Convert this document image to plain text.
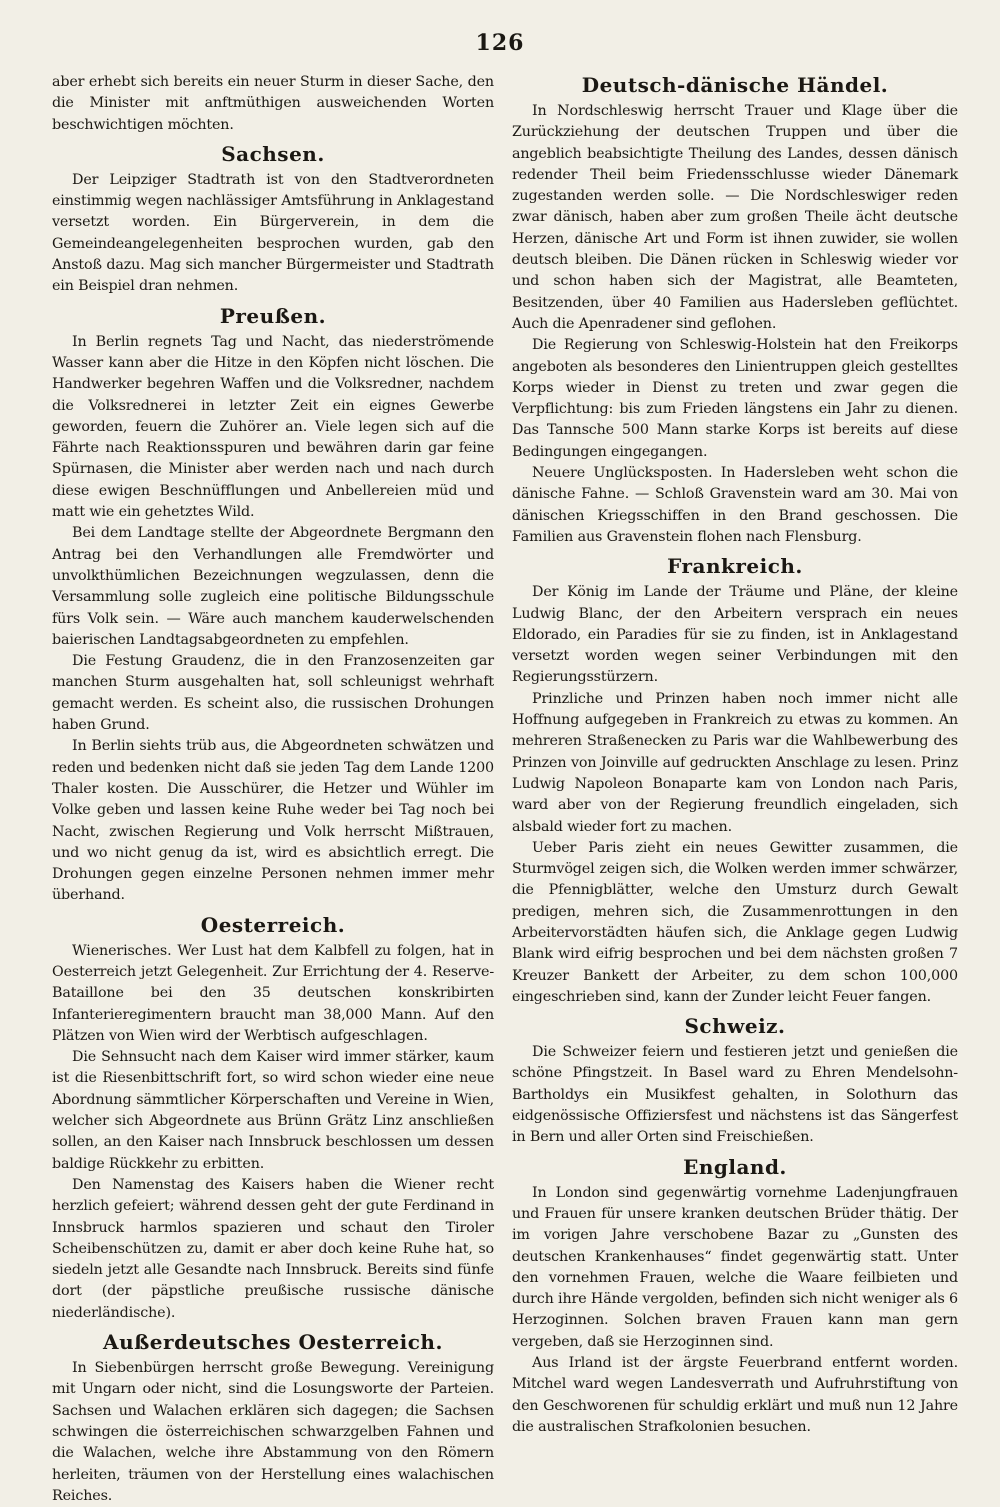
126

aber erhebt sich bereits ein neuer Sturm in dieser Sache, den die Minister mit anftmüthigen ausweichenden Worten beschwichtigen möchten.

Sachsen.

Der Leipziger Stadtrath ist von den Stadtverordneten einstimmig wegen nachlässiger Amtsführung in Anklagestand versetzt worden. Ein Bürgerverein, in dem die Gemeindeangelegenheiten besprochen wurden, gab den Anstoß dazu. Mag sich mancher Bürgermeister und Stadtrath ein Beispiel dran nehmen.

Preußen.

In Berlin regnets Tag und Nacht, das niederströmende Wasser kann aber die Hitze in den Köpfen nicht löschen. Die Handwerker begehren Waffen und die Volksredner, nachdem die Volksrednerei in letzter Zeit ein eignes Gewerbe geworden, feuern die Zuhörer an. Viele legen sich auf die Fährte nach Reaktionsspuren und bewähren darin gar feine Spürnasen, die Minister aber werden nach und nach durch diese ewigen Beschnüfflungen und Anbellereien müd und matt wie ein gehetztes Wild.

Bei dem Landtage stellte der Abgeordnete Bergmann den Antrag bei den Verhandlungen alle Fremdwörter und unvolkthümlichen Bezeichnungen wegzulassen, denn die Versammlung solle zugleich eine politische Bildungsschule fürs Volk sein. — Wäre auch manchem kauderwelschenden baierischen Landtagsabgeordneten zu empfehlen.

Die Festung Graudenz, die in den Franzosenzeiten gar manchen Sturm ausgehalten hat, soll schleunigst wehrhaft gemacht werden. Es scheint also, die russischen Drohungen haben Grund.

In Berlin siehts trüb aus, die Abgeordneten schwätzen und reden und bedenken nicht daß sie jeden Tag dem Lande 1200 Thaler kosten. Die Ausschürer, die Hetzer und Wühler im Volke geben und lassen keine Ruhe weder bei Tag noch bei Nacht, zwischen Regierung und Volk herrscht Mißtrauen, und wo nicht genug da ist, wird es absichtlich erregt. Die Drohungen gegen einzelne Personen nehmen immer mehr überhand.

Oesterreich.

Wienerisches. Wer Lust hat dem Kalbfell zu folgen, hat in Oesterreich jetzt Gelegenheit. Zur Errichtung der 4. Reserve-Bataillone bei den 35 deutschen konskribirten Infanterieregimentern braucht man 38,000 Mann. Auf den Plätzen von Wien wird der Werbtisch aufgeschlagen.

Die Sehnsucht nach dem Kaiser wird immer stärker, kaum ist die Riesenbittschrift fort, so wird schon wieder eine neue Abordnung sämmtlicher Körperschaften und Vereine in Wien, welcher sich Abgeordnete aus Brünn Grätz Linz anschließen sollen, an den Kaiser nach Innsbruck beschlossen um dessen baldige Rückkehr zu erbitten.

Den Namenstag des Kaisers haben die Wiener recht herzlich gefeiert; während dessen geht der gute Ferdinand in Innsbruck harmlos spazieren und schaut den Tiroler Scheibenschützen zu, damit er aber doch keine Ruhe hat, so siedeln jetzt alle Gesandte nach Innsbruck. Bereits sind fünfe dort (der päpstliche preußische russische dänische niederländische).

Außerdeutsches Oesterreich.

In Siebenbürgen herrscht große Bewegung. Vereinigung mit Ungarn oder nicht, sind die Losungsworte der Parteien. Sachsen und Walachen erklären sich dagegen; die Sachsen schwingen die österreichischen schwarzgelben Fahnen und die Walachen, welche ihre Abstammung von den Römern herleiten, träumen von der Herstellung eines walachischen Reiches.

Deutsch-dänische Händel.

In Nordschleswig herrscht Trauer und Klage über die Zurückziehung der deutschen Truppen und über die angeblich beabsichtigte Theilung des Landes, dessen dänisch redender Theil beim Friedensschlusse wieder Dänemark zugestanden werden solle. — Die Nordschleswiger reden zwar dänisch, haben aber zum großen Theile ächt deutsche Herzen, dänische Art und Form ist ihnen zuwider, sie wollen deutsch bleiben. Die Dänen rücken in Schleswig wieder vor und schon haben sich der Magistrat, alle Beamteten, Besitzenden, über 40 Familien aus Hadersleben geflüchtet. Auch die Apenradener sind geflohen.

Die Regierung von Schleswig-Holstein hat den Freikorps angeboten als besonderes den Linientruppen gleich gestelltes Korps wieder in Dienst zu treten und zwar gegen die Verpflichtung: bis zum Frieden längstens ein Jahr zu dienen. Das Tannsche 500 Mann starke Korps ist bereits auf diese Bedingungen eingegangen.

Neuere Unglücksposten. In Hadersleben weht schon die dänische Fahne. — Schloß Gravenstein ward am 30. Mai von dänischen Kriegsschiffen in den Brand geschossen. Die Familien aus Gravenstein flohen nach Flensburg.

Frankreich.

Der König im Lande der Träume und Pläne, der kleine Ludwig Blanc, der den Arbeitern versprach ein neues Eldorado, ein Paradies für sie zu finden, ist in Anklagestand versetzt worden wegen seiner Verbindungen mit den Regierungsstürzern.

Prinzliche und Prinzen haben noch immer nicht alle Hoffnung aufgegeben in Frankreich zu etwas zu kommen. An mehreren Straßenecken zu Paris war die Wahlbewerbung des Prinzen von Joinville auf gedruckten Anschlage zu lesen. Prinz Ludwig Napoleon Bonaparte kam von London nach Paris, ward aber von der Regierung freundlich eingeladen, sich alsbald wieder fort zu machen.

Ueber Paris zieht ein neues Gewitter zusammen, die Sturmvögel zeigen sich, die Wolken werden immer schwärzer, die Pfennigblätter, welche den Umsturz durch Gewalt predigen, mehren sich, die Zusammenrottungen in den Arbeitervorstädten häufen sich, die Anklage gegen Ludwig Blank wird eifrig besprochen und bei dem nächsten großen 7 Kreuzer Bankett der Arbeiter, zu dem schon 100,000 eingeschrieben sind, kann der Zunder leicht Feuer fangen.

Schweiz.

Die Schweizer feiern und festieren jetzt und genießen die schöne Pfingstzeit. In Basel ward zu Ehren Mendelsohn-Bartholdys ein Musikfest gehalten, in Solothurn das eidgenössische Offiziersfest und nächstens ist das Sängerfest in Bern und aller Orten sind Freischießen.

England.

In London sind gegenwärtig vornehme Ladenjungfrauen und Frauen für unsere kranken deutschen Brüder thätig. Der im vorigen Jahre verschobene Bazar zu „Gunsten des deutschen Krankenhauses“ findet gegenwärtig statt. Unter den vornehmen Frauen, welche die Waare feilbieten und durch ihre Hände vergolden, befinden sich nicht weniger als 6 Herzoginnen. Solchen braven Frauen kann man gern vergeben, daß sie Herzoginnen sind.

Aus Irland ist der ärgste Feuerbrand entfernt worden. Mitchel ward wegen Landesverrath und Aufruhrstiftung von den Geschworenen für schuldig erklärt und muß nun 12 Jahre die australischen Strafkolonien besuchen.
